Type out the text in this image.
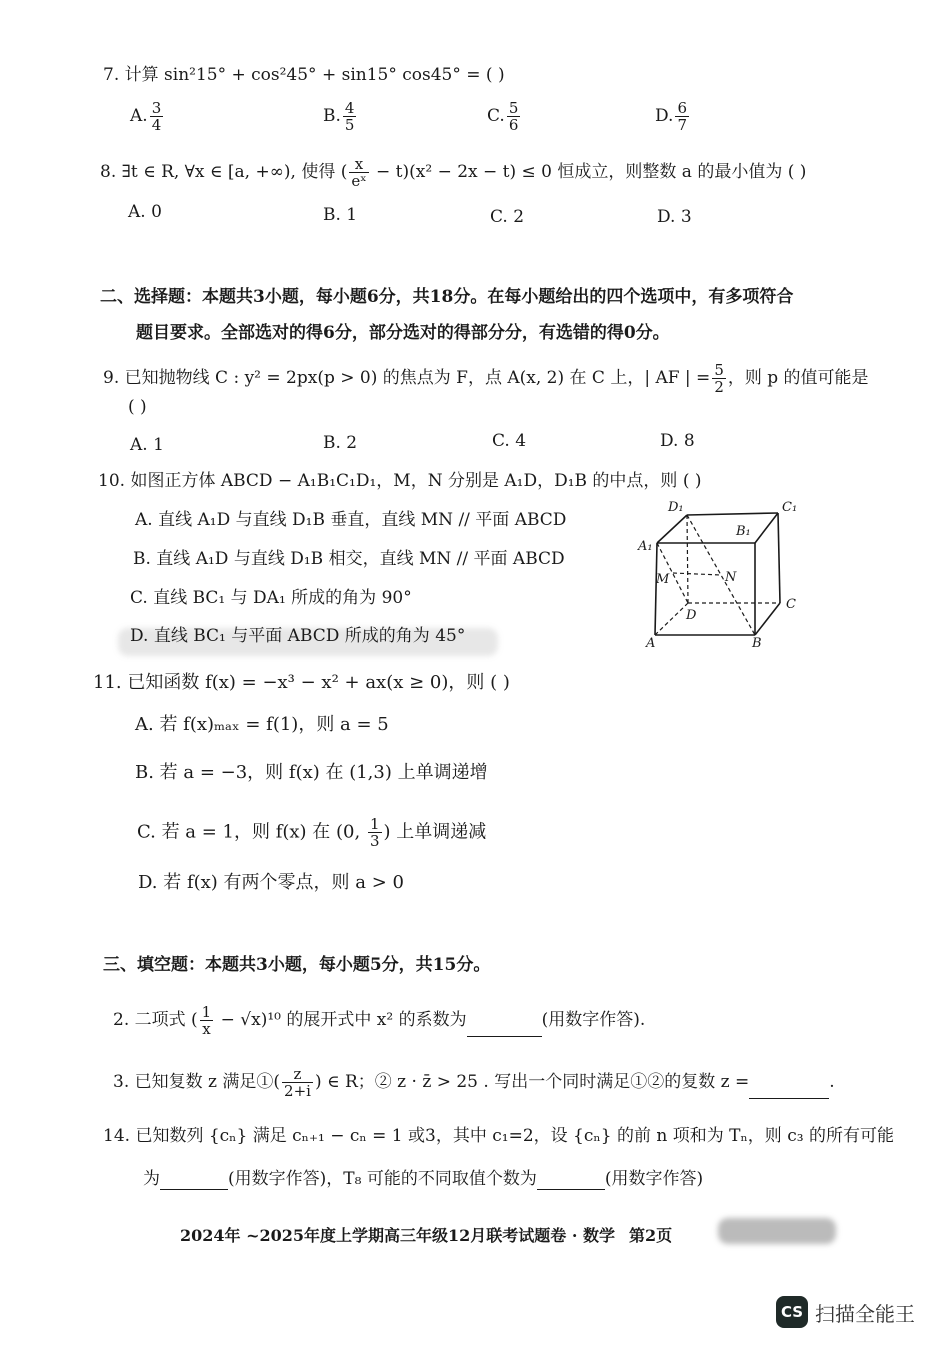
7. 计算 sin²15° + cos²45° + sin15° cos45° = ( )
A. $\frac{3}{4}$	B. $\frac{4}{5}$	C. $\frac{5}{6}$	D. $\frac{6}{7}$
8. ∃t ∈ R, ∀x ∈ [a, +∞), 使得 ( $\frac{x}{\text{eˣ}} - t)(x^2 - 2x - t) \le 0$ 恒成立，则整数 a 的最小值为 ( )
A. 0	B. 1	C. 2	D. 3
二、选择题：本题共3小题，每小题6分，共18分。在每小题给出的四个选项中，有多项符合
题目要求。全部选对的得6分，部分选对的得部分分，有选错的得0分。
9. 已知抛物线 C : y² = 2px(p > 0) 的焦点为 F，点 A(x, 2) 在 C 上，| AF | = $\frac{5}{2}$ ，则 p 的值可能是
( )
A. 1	B. 2	C. 4	D. 8
10. 如图正方体 ABCD − A₁B₁C₁D₁，M，N 分别是 A₁D，D₁B 的中点，则 ( )
A. 直线 A₁D 与直线 D₁B 垂直，直线 MN // 平面 ABCD
B. 直线 A₁D 与直线 D₁B 相交，直线 MN // 平面 ABCD
C. 直线 BC₁ 与 DA₁ 所成的角为 90°
D. 直线 BC₁ 与平面 ABCD 所成的角为 45°
D₁	C₁
B₁
A₁
M	N
D
C
A	B
11. 已知函数 f(x) = −x³ − x² + ax(x ≥ 0)，则 ( )
A. 若 f(x)ₘₐₓ = f(1)，则 a = 5
B. 若 a = −3，则 f(x) 在 (1,3) 上单调递增
C. 若 a = 1，则 f(x) 在 (0, $\frac{1}{3}$ ) 上单调递减
D. 若 f(x) 有两个零点，则 a > 0
三、填空题：本题共3小题，每小题5分，共15分。
2. 二项式 ( $\frac{1}{x} - √x)^{10}$ 的展开式中 x² 的系数为	(用数字作答).
3. 已知复数 z 满足①( $\frac{z}{2+i}$ ) ∈ R；② z · z̄ > 25 . 写出一个同时满足①②的复数 z =	.
14. 已知数列 {cₙ} 满足 cₙ₊₁ − cₙ = 1 或3，其中 c₁=2，设 {cₙ} 的前 n 项和为 Tₙ，则 c₃ 的所有可能
为	(用数字作答)，T₈ 可能的不同取值个数为	(用数字作答)
2024年 ~2025年度上学期高三年级12月联考试题卷 · 数学 第2页
CS 扫描全能王
